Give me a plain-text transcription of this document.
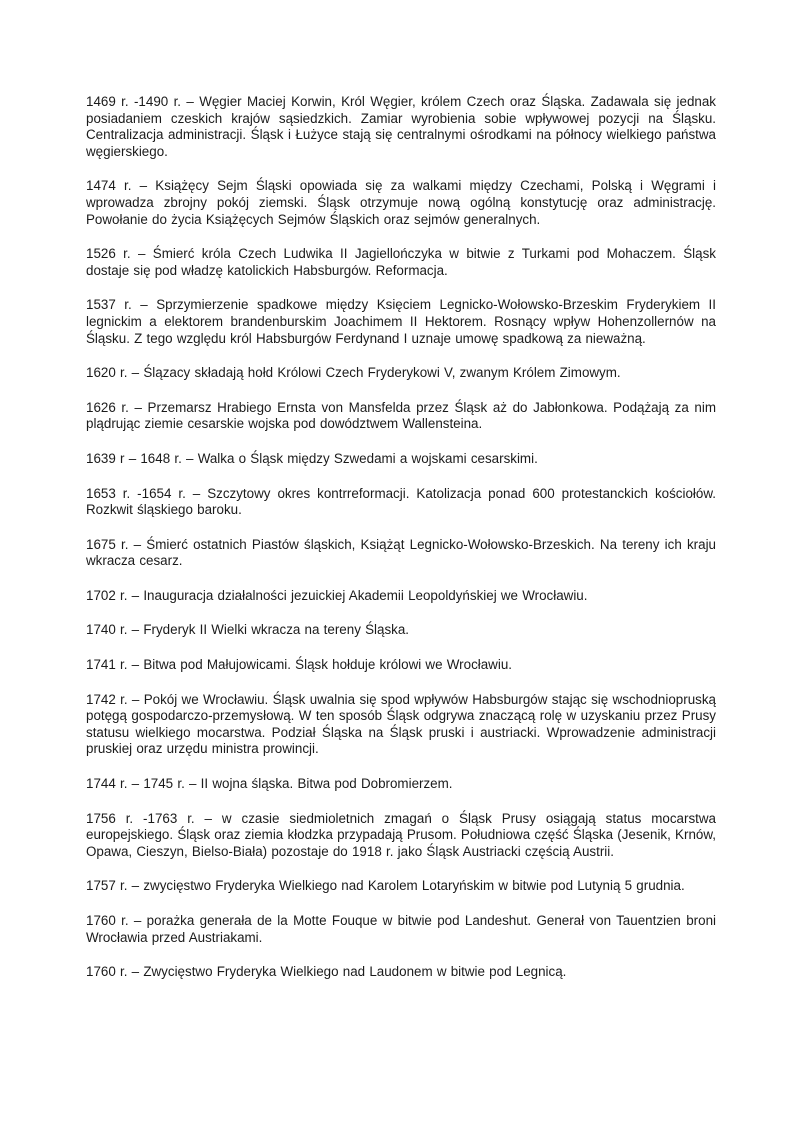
1469 r. -1490 r. – Węgier Maciej Korwin, Król Węgier, królem Czech oraz Śląska. Zadawala się jednak posiadaniem czeskich krajów sąsiedzkich. Zamiar wyrobienia sobie wpływowej pozycji na Śląsku. Centralizacja administracji. Śląsk i Łużyce stają się centralnymi ośrodkami na północy wielkiego państwa węgierskiego.

1474 r. – Książęcy Sejm Śląski opowiada się za walkami między Czechami, Polską i Węgrami i wprowadza zbrojny pokój ziemski. Śląsk otrzymuje nową ogólną konstytucję oraz administrację. Powołanie do życia Książęcych Sejmów Śląskich oraz sejmów generalnych.

1526 r. – Śmierć króla Czech Ludwika II Jagiellończyka w bitwie z Turkami pod Mohaczem. Śląsk dostaje się pod władzę katolickich Habsburgów. Reformacja.

1537 r. – Sprzymierzenie spadkowe między Księciem Legnicko-Wołowsko-Brzeskim Fryderykiem II legnickim a elektorem brandenburskim Joachimem II Hektorem. Rosnący wpływ Hohenzollernów na Śląsku. Z tego względu król Habsburgów Ferdynand I uznaje umowę spadkową za nieważną.

1620 r. – Ślązacy składają hołd Królowi Czech Fryderykowi V, zwanym Królem Zimowym.

1626 r. – Przemarsz Hrabiego Ernsta von Mansfelda przez Śląsk aż do Jabłonkowa. Podążają za nim plądrując ziemie cesarskie wojska pod dowództwem Wallensteina.

1639 r – 1648 r. – Walka o Śląsk między Szwedami a wojskami cesarskimi.

1653 r. -1654 r. – Szczytowy okres kontrreformacji. Katolizacja ponad 600 protestanckich kościołów. Rozkwit śląskiego baroku.

1675 r. – Śmierć ostatnich Piastów śląskich, Książąt Legnicko-Wołowsko-Brzeskich. Na tereny ich kraju wkracza cesarz.

1702 r. – Inauguracja działalności jezuickiej Akademii Leopoldyńskiej we Wrocławiu.

1740 r. – Fryderyk II Wielki wkracza na tereny Śląska.

1741 r. – Bitwa pod Małujowicami. Śląsk hołduje królowi we Wrocławiu.

1742 r. – Pokój we Wrocławiu. Śląsk uwalnia się spod wpływów Habsburgów stając się wschodniopruską potęgą gospodarczo-przemysłową. W ten sposób Śląsk odgrywa znaczącą rolę w uzyskaniu przez Prusy statusu wielkiego mocarstwa. Podział Śląska na Śląsk pruski i austriacki. Wprowadzenie administracji pruskiej oraz urzędu ministra prowincji.

1744 r. – 1745 r. – II wojna śląska. Bitwa pod Dobromierzem.

1756 r. -1763 r. – w czasie siedmioletnich zmagań o Śląsk Prusy osiągają status mocarstwa europejskiego. Śląsk oraz ziemia kłodzka przypadają Prusom. Południowa część Śląska (Jesenik, Krnów, Opawa, Cieszyn, Bielso-Biała) pozostaje do 1918 r. jako Śląsk Austriacki częścią Austrii.

1757 r. – zwycięstwo Fryderyka Wielkiego nad Karolem Lotaryńskim w bitwie pod Lutynią 5 grudnia.

1760 r. – porażka generała de la Motte Fouque w bitwie pod Landeshut. Generał von Tauentzien broni Wrocławia przed Austriakami.

1760 r. – Zwycięstwo Fryderyka Wielkiego nad Laudonem w bitwie pod Legnicą.
